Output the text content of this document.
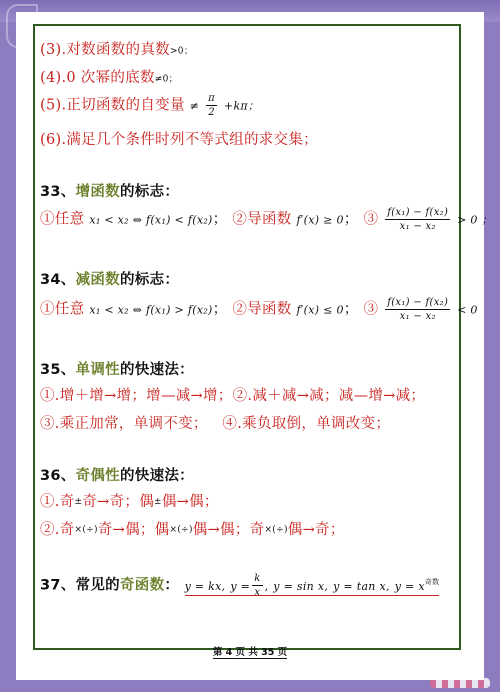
(3).对数函数的真数>0；
(4).0 次幂的底数≠0；
(5).正切函数的自变量 ≠ $\frac{\pi}{2} +k\pi$；
(6).满足几个条件时列不等式组的求交集；
33、增函数的标志：
①任意 x₁ < x₂ ⇔ f(x₁) < f(x₂)； ②导函数 f′(x) ≥ 0； ③ $\frac{\text{f(x₁) − f(x₂)}}{\text{x₁ − x₂}} > 0$ ；
34、减函数的标志：
①任意 x₁ < x₂ ⇔ f(x₁) > f(x₂)； ②导函数 f′(x) ≤ 0； ③ $\frac{\text{f(x₁) − f(x₂)}}{\text{x₁ − x₂}} < 0$
35、单调性的快速法：
①.增＋增→增；增—减→增；②.减＋减→减；减—增→减；
③.乘正加常，单调不变；   ④.乘负取倒，单调改变；
36、奇偶性的快速法：
①.奇±奇→奇；偶±偶→偶；
②.奇×(÷)奇→偶；偶×(÷)偶→偶；奇×(÷)偶→奇；
37、常见的奇函数： y = kx, $y = \frac{k}{x}$ , y = sin x, y = tan x, $y = x^{奇数}$
第 4 页 共 35 页
